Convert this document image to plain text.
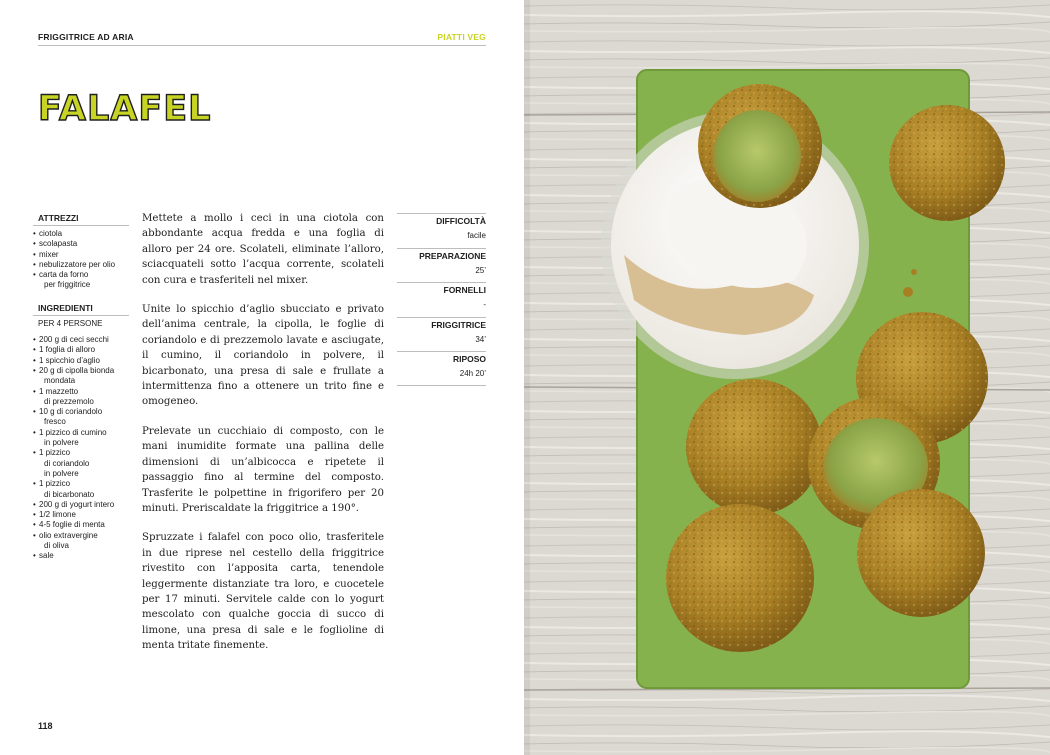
FRIGGITRICE AD ARIA	PIATTI VEG
FALAFEL
ATTREZZI
• ciotola
• scolapasta
• mixer
• nebulizzatore per olio
• carta da forno
per friggitrice
INGREDIENTI
PER 4 PERSONE
• 200 g di ceci secchi
• 1 foglia di alloro
• 1 spicchio d’aglio
• 20 g di cipolla bionda
mondata
• 1 mazzetto
di prezzemolo
• 10 g di coriandolo
fresco
• 1 pizzico di cumino
in polvere
• 1 pizzico
di coriandolo
in polvere
• 1 pizzico
di bicarbonato
• 200 g di yogurt intero
• 1/2 limone
• 4-5 foglie di menta
• olio extravergine
di oliva
• sale

Mettete a mollo i ceci in una ciotola con abbondante acqua fredda e una foglia di alloro per 24 ore. Scolateli, eliminate l’alloro, sciacquateli sotto l’acqua corrente, scolateli con cura e trasferiteli nel mixer.

Unite lo spicchio d’aglio sbucciato e privato dell’anima centrale, la cipolla, le foglie di coriandolo e di prezzemolo lavate e asciugate, il cumino, il coriandolo in polvere, il bicarbonato, una presa di sale e frullate a intermittenza fino a ottenere un trito fine e omogeneo.

Prelevate un cucchiaio di composto, con le mani inumidite formate una pallina delle dimensioni di un’albicocca e ripetete il passaggio fino al termine del composto. Trasferite le polpettine in frigorifero per 20 minuti. Preriscaldate la friggitrice a 190°.

Spruzzate i falafel con poco olio, trasferitele in due riprese nel cestello della friggitrice rivestito con l’apposita carta, tenendole leggermente distanziate tra loro, e cuocetele per 17 minuti. Servitele calde con lo yogurt mescolato con qualche goccia di succo di limone, una presa di sale e le foglioline di menta tritate finemente.

DIFFICOLTÀ
facile
PREPARAZIONE
25’
FORNELLI
-
FRIGGITRICE
34’
RIPOSO
24h 20’
118
